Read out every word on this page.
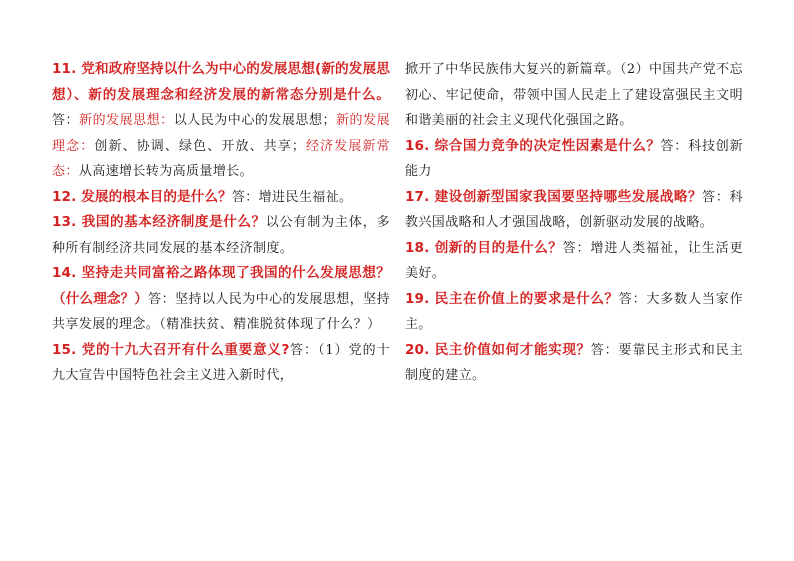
11. 党和政府坚持以什么为中心的发展思想(新的发展思想）、新的发展理念和经济发展的新常态分别是什么。答：新的发展思想：以人民为中心的发展思想；新的发展理念：创新、协调、绿色、开放、共享；经济发展新常态：从高速增长转为高质量增长。

12. 发展的根本目的是什么？答：增进民生福祉。

13. 我国的基本经济制度是什么？以公有制为主体，多种所有制经济共同发展的基本经济制度。

14. 坚持走共同富裕之路体现了我国的什么发展思想？（什么理念？）答：坚持以人民为中心的发展思想，坚持共享发展的理念。（精准扶贫、精准脱贫体现了什么？）

15. 党的十九大召开有什么重要意义?答：（1）党的十九大宣告中国特色社会主义进入新时代，

掀开了中华民族伟大复兴的新篇章。（2）中国共产党不忘初心、牢记使命，带领中国人民走上了建设富强民主文明和谐美丽的社会主义现代化强国之路。

16. 综合国力竞争的决定性因素是什么？答：科技创新能力

17. 建设创新型国家我国要坚持哪些发展战略？答：科教兴国战略和人才强国战略，创新驱动发展的战略。

18. 创新的目的是什么？答：增进人类福祉，让生活更美好。

19. 民主在价值上的要求是什么？答：大多数人当家作主。

20. 民主价值如何才能实现？答：要靠民主形式和民主制度的建立。
